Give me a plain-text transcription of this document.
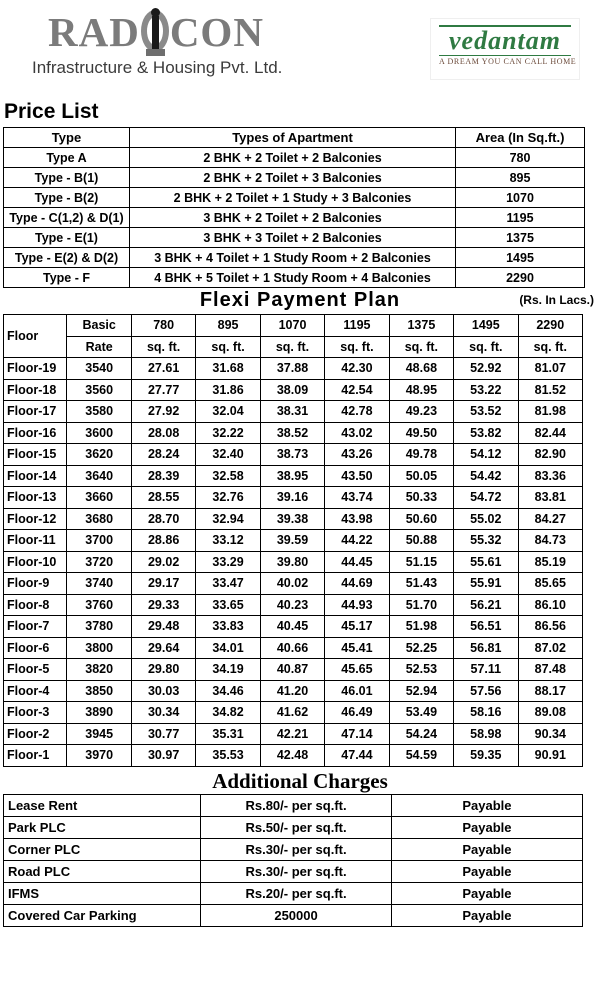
RAD CON
Infrastructure & Housing Pvt. Ltd.
vedantam
A DREAM YOU CAN CALL HOME
Price List
Type	Types of Apartment	Area (In Sq.ft.)
Type A	2 BHK + 2 Toilet + 2 Balconies	780
Type - B(1)	2 BHK + 2 Toilet + 3 Balconies	895
Type - B(2)	2 BHK + 2 Toilet + 1 Study + 3 Balconies	1070
Type - C(1,2) & D(1)	3 BHK + 2 Toilet + 2 Balconies	1195
Type - E(1)	3 BHK + 3 Toilet + 2 Balconies	1375
Type - E(2) & D(2)	3 BHK + 4 Toilet + 1 Study Room + 2 Balconies	1495
Type - F	4 BHK + 5 Toilet + 1 Study Room + 4 Balconies	2290
Flexi Payment Plan	(Rs. In Lacs.)
Floor	Basic	780	895	1070	1195	1375	1495	2290
	Rate	sq. ft.	sq. ft.	sq. ft.	sq. ft.	sq. ft.	sq. ft.	sq. ft.
Floor-19	3540	27.61	31.68	37.88	42.30	48.68	52.92	81.07
Floor-18	3560	27.77	31.86	38.09	42.54	48.95	53.22	81.52
Floor-17	3580	27.92	32.04	38.31	42.78	49.23	53.52	81.98
Floor-16	3600	28.08	32.22	38.52	43.02	49.50	53.82	82.44
Floor-15	3620	28.24	32.40	38.73	43.26	49.78	54.12	82.90
Floor-14	3640	28.39	32.58	38.95	43.50	50.05	54.42	83.36
Floor-13	3660	28.55	32.76	39.16	43.74	50.33	54.72	83.81
Floor-12	3680	28.70	32.94	39.38	43.98	50.60	55.02	84.27
Floor-11	3700	28.86	33.12	39.59	44.22	50.88	55.32	84.73
Floor-10	3720	29.02	33.29	39.80	44.45	51.15	55.61	85.19
Floor-9	3740	29.17	33.47	40.02	44.69	51.43	55.91	85.65
Floor-8	3760	29.33	33.65	40.23	44.93	51.70	56.21	86.10
Floor-7	3780	29.48	33.83	40.45	45.17	51.98	56.51	86.56
Floor-6	3800	29.64	34.01	40.66	45.41	52.25	56.81	87.02
Floor-5	3820	29.80	34.19	40.87	45.65	52.53	57.11	87.48
Floor-4	3850	30.03	34.46	41.20	46.01	52.94	57.56	88.17
Floor-3	3890	30.34	34.82	41.62	46.49	53.49	58.16	89.08
Floor-2	3945	30.77	35.31	42.21	47.14	54.24	58.98	90.34
Floor-1	3970	30.97	35.53	42.48	47.44	54.59	59.35	90.91
Additional Charges
Lease Rent	Rs.80/- per sq.ft.	Payable
Park PLC	Rs.50/- per sq.ft.	Payable
Corner PLC	Rs.30/- per sq.ft.	Payable
Road PLC	Rs.30/- per sq.ft.	Payable
IFMS	Rs.20/- per sq.ft.	Payable
Covered Car Parking	250000	Payable
